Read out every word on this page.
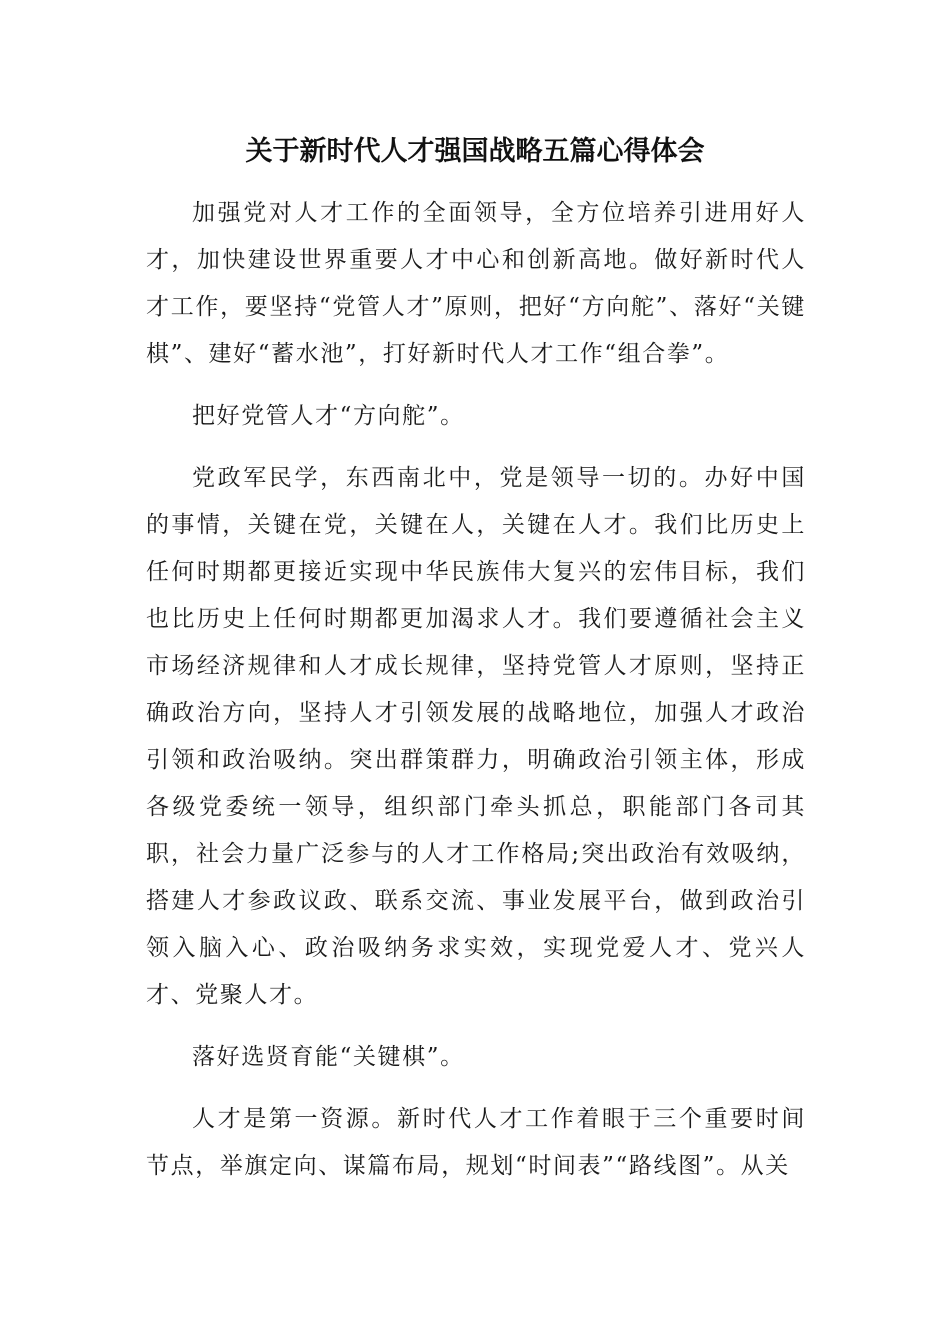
关于新时代人才强国战略五篇心得体会

加强党对人才工作的全面领导，全方位培养引进用好人才，加快建设世界重要人才中心和创新高地。做好新时代人才工作，要坚持“党管人才”原则，把好“方向舵”、落好“关键棋”、建好“蓄水池”，打好新时代人才工作“组合拳”。

把好党管人才“方向舵”。

党政军民学，东西南北中，党是领导一切的。办好中国的事情，关键在党，关键在人，关键在人才。我们比历史上任何时期都更接近实现中华民族伟大复兴的宏伟目标，我们也比历史上任何时期都更加渴求人才。我们要遵循社会主义市场经济规律和人才成长规律，坚持党管人才原则，坚持正确政治方向，坚持人才引领发展的战略地位，加强人才政治引领和政治吸纳。突出群策群力，明确政治引领主体，形成各级党委统一领导，组织部门牵头抓总，职能部门各司其职，社会力量广泛参与的人才工作格局;突出政治有效吸纳，搭建人才参政议政、联系交流、事业发展平台，做到政治引领入脑入心、政治吸纳务求实效，实现党爱人才、党兴人才、党聚人才。

落好选贤育能“关键棋”。

人才是第一资源。新时代人才工作着眼于三个重要时间节点，举旗定向、谋篇布局，规划“时间表”“路线图”。从关
